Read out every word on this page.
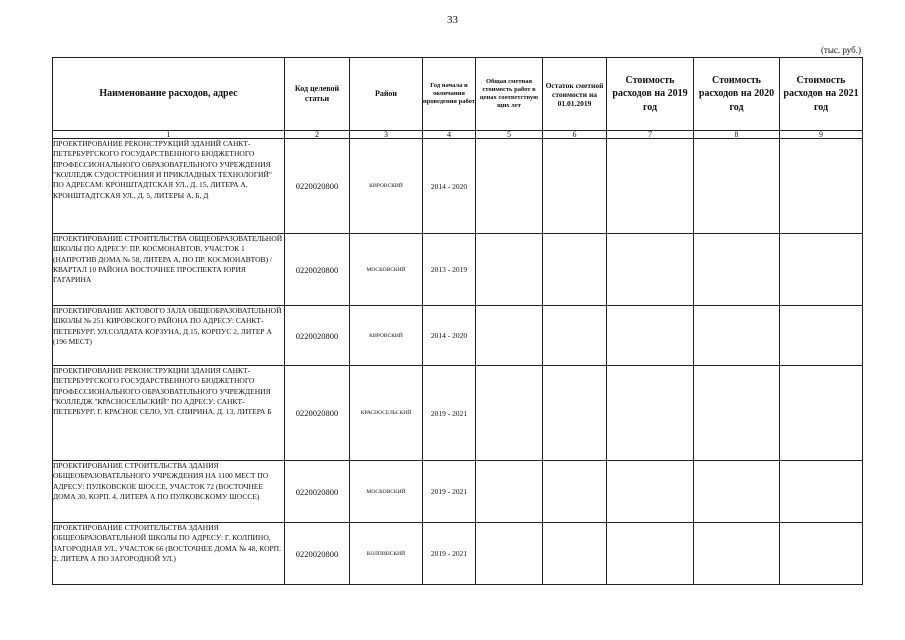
33
(тыс. руб.)
Наименование расходов, адрес	Код целевой статьи	Район	Год начала и окончания проведения работ	Общая сметная стоимость работ в ценах соответствую щих лет	Остаток сметной стоимости на 01.01.2019	Стоимость расходов на 2019 год	Стоимость расходов на 2020 год	Стоимость расходов на 2021 год
1	2	3	4	5	6	7	8	9
ПРОЕКТИРОВАНИЕ РЕКОНСТРУКЦИЙ ЗДАНИЙ САНКТ-ПЕТЕРБУРГСКОГО ГОСУДАРСТВЕННОГО БЮДЖЕТНОГО ПРОФЕССИОНАЛЬНОГО ОБРАЗОВАТЕЛЬНОГО УЧРЕЖДЕНИЯ "КОЛЛЕДЖ СУДОСТРОЕНИЯ И ПРИКЛАДНЫХ ТЕХНОЛОГИЙ" ПО АДРЕСАМ: КРОНШТАДТСКАЯ УЛ., Д. 15, ЛИТЕРА А, КРОНШТАДТСКАЯ УЛ., Д. 5, ЛИТЕРЫ А, Б, Д	0220020800	КИРОВСКИЙ	2014 - 2020					
ПРОЕКТИРОВАНИЕ СТРОИТЕЛЬСТВА ОБЩЕОБРАЗОВАТЕЛЬНОЙ ШКОЛЫ ПО АДРЕСУ: ПР. КОСМОНАВТОВ, УЧАСТОК 1 (НАПРОТИВ ДОМА № 58, ЛИТЕРА А, ПО ПР. КОСМОНАВТОВ) / КВАРТАЛ 10 РАЙОНА ВОСТОЧНЕЕ ПРОСПЕКТА ЮРИЯ ГАГАРИНА	0220020800	МОСКОВСКИЙ	2013 - 2019					
ПРОЕКТИРОВАНИЕ АКТОВОГО ЗАЛА ОБЩЕОБРАЗОВАТЕЛЬНОЙ ШКОЛЫ № 251 КИРОВСКОГО РАЙОНА ПО АДРЕСУ: САНКТ-ПЕТЕРБУРГ, УЛ.СОЛДАТА КОРЗУНА, Д.15, КОРПУС 2, ЛИТЕР А (196 МЕСТ)	0220020800	КИРОВСКИЙ	2014 - 2020					
ПРОЕКТИРОВАНИЕ РЕКОНСТРУКЦИИ ЗДАНИЯ САНКТ-ПЕТЕРБУРГСКОГО ГОСУДАРСТВЕННОГО БЮДЖЕТНОГО ПРОФЕССИОНАЛЬНОГО ОБРАЗОВАТЕЛЬНОГО УЧРЕЖДЕНИЯ "КОЛЛЕДЖ "КРАСНОСЕЛЬСКИЙ" ПО АДРЕСУ: САНКТ-ПЕТЕРБУРГ, Г. КРАСНОЕ СЕЛО, УЛ. СПИРИНА, Д. 13, ЛИТЕРА Б	0220020800	КРАСНОСЕЛЬСКИЙ	2019 - 2021					
ПРОЕКТИРОВАНИЕ СТРОИТЕЛЬСТВА ЗДАНИЯ ОБЩЕОБРАЗОВАТЕЛЬНОГО УЧРЕЖДЕНИЯ НА 1100 МЕСТ ПО АДРЕСУ: ПУЛКОВСКОЕ ШОССЕ, УЧАСТОК 72 (ВОСТОЧНЕЕ ДОМА 30, КОРП. 4, ЛИТЕРА А ПО ПУЛКОВСКОМУ ШОССЕ)	0220020800	МОСКОВСКИЙ	2019 - 2021					
ПРОЕКТИРОВАНИЕ СТРОИТЕЛЬСТВА ЗДАНИЯ ОБЩЕОБРАЗОВАТЕЛЬНОЙ ШКОЛЫ ПО АДРЕСУ: Г. КОЛПИНО, ЗАГОРОДНАЯ УЛ., УЧАСТОК 66 (ВОСТОЧНЕЕ ДОМА № 48, КОРП. 2, ЛИТЕРА А ПО ЗАГОРОДНОЙ УЛ.)	0220020800	КОЛПИНСКИЙ	2019 - 2021					
